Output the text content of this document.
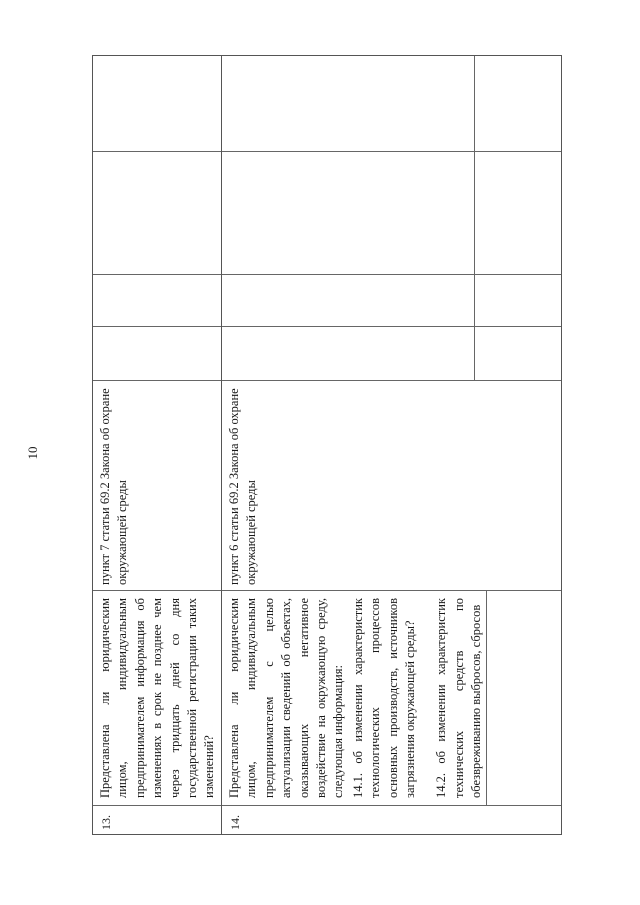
10
13.
Представлена ли юридическим лицом, индивидуальным предпринимателем информация об изменениях в срок не позднее чем через тридцать дней со дня государственной регистрации таких изменений?
пункт 7 статьи 69.2 Закона об охране окружающей среды
14.

Представлена ли юридическим лицом, индивидуальным предпринимателем с целью актуализации сведений об объектах, оказывающих негативное воздействие на окружающую среду, следующая информация: 14.1. об изменении характеристик технологических процессов основных производств, источников загрязнения окружающей среды? 14.2. об изменении характеристик технических средств по обезвреживанию выбросов, сбросов

пункт 6 статьи 69.2 Закона об охране окружающей среды
